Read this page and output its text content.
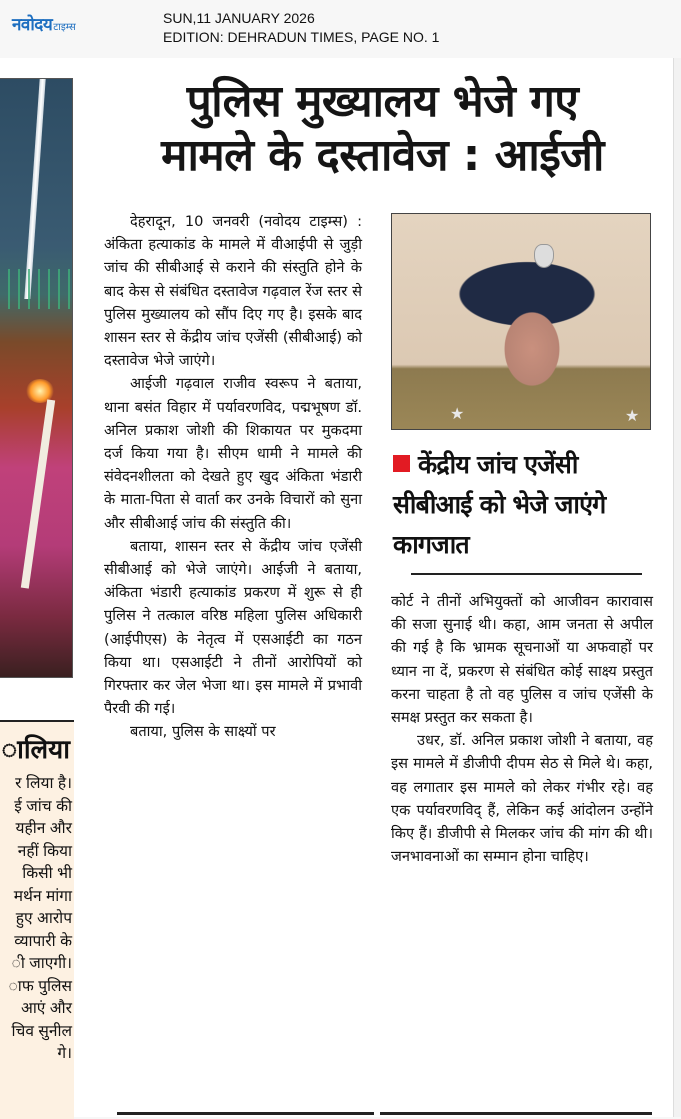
नवोदयटाइम्स
SUN,11 JANUARY 2026
EDITION: DEHRADUN TIMES, PAGE NO. 1
ालिया
र लिया है।
ई जांच की
यहीन और
नहीं किया
किसी भी
मर्थन मांगा
हुए आरोप
व्यापारी के
ी जाएगी।
ाफ पुलिस
आएं और
चिव सुनील
गे।
पुलिस मुख्यालय भेजे गए
मामले के दस्तावेज : आईजी

देहरादून, 10 जनवरी (नवोदय टाइम्स) : अंकिता हत्याकांड के मामले में वीआईपी से जुड़ी जांच की सीबीआई से कराने की संस्तुति होने के बाद केस से संबंधित दस्तावेज गढ़वाल रेंज स्तर से पुलिस मुख्यालय को सौंप दिए गए है। इसके बाद शासन स्तर से केंद्रीय जांच एजेंसी (सीबीआई) को दस्तावेज भेजे जाएंगे।

आईजी गढ़वाल राजीव स्वरूप ने बताया, थाना बसंत विहार में पर्यावरणविद, पद्मभूषण डॉ. अनिल प्रकाश जोशी की शिकायत पर मुकदमा दर्ज किया गया है। सीएम धामी ने मामले की संवेदनशीलता को देखते हुए खुद अंकिता भंडारी के माता-पिता से वार्ता कर उनके विचारों को सुना और सीबीआई जांच की संस्तुति की।

बताया, शासन स्तर से केंद्रीय जांच एजेंसी सीबीआई को भेजे जाएंगे। आईजी ने बताया, अंकिता भंडारी हत्याकांड प्रकरण में शुरू से ही पुलिस ने तत्काल वरिष्ठ महिला पुलिस अधिकारी (आईपीएस) के नेतृत्व में एसआईटी का गठन किया था। एसआईटी ने तीनों आरोपियों को गिरफ्तार कर जेल भेजा था। इस मामले में प्रभावी पैरवी की गई।

बताया, पुलिस के साक्ष्यों पर

★	★
केंद्रीय जांच एजेंसी सीबीआई को भेजे जाएंगे कागजात

कोर्ट ने तीनों अभियुक्तों को आजीवन कारावास की सजा सुनाई थी। कहा, आम जनता से अपील की गई है कि भ्रामक सूचनाओं या अफवाहों पर ध्यान ना दें, प्रकरण से संबंधित कोई साक्ष्य प्रस्तुत करना चाहता है तो वह पुलिस व जांच एजेंसी के समक्ष प्रस्तुत कर सकता है।

उधर, डॉ. अनिल प्रकाश जोशी ने बताया, वह इस मामले में डीजीपी दीपम सेठ से मिले थे। कहा, वह लगातार इस मामले को लेकर गंभीर रहे। वह एक पर्यावरणविद् हैं, लेकिन कई आंदोलन उन्होंने किए हैं। डीजीपी से मिलकर जांच की मांग की थी। जनभावनाओं का सम्मान होना चाहिए।
